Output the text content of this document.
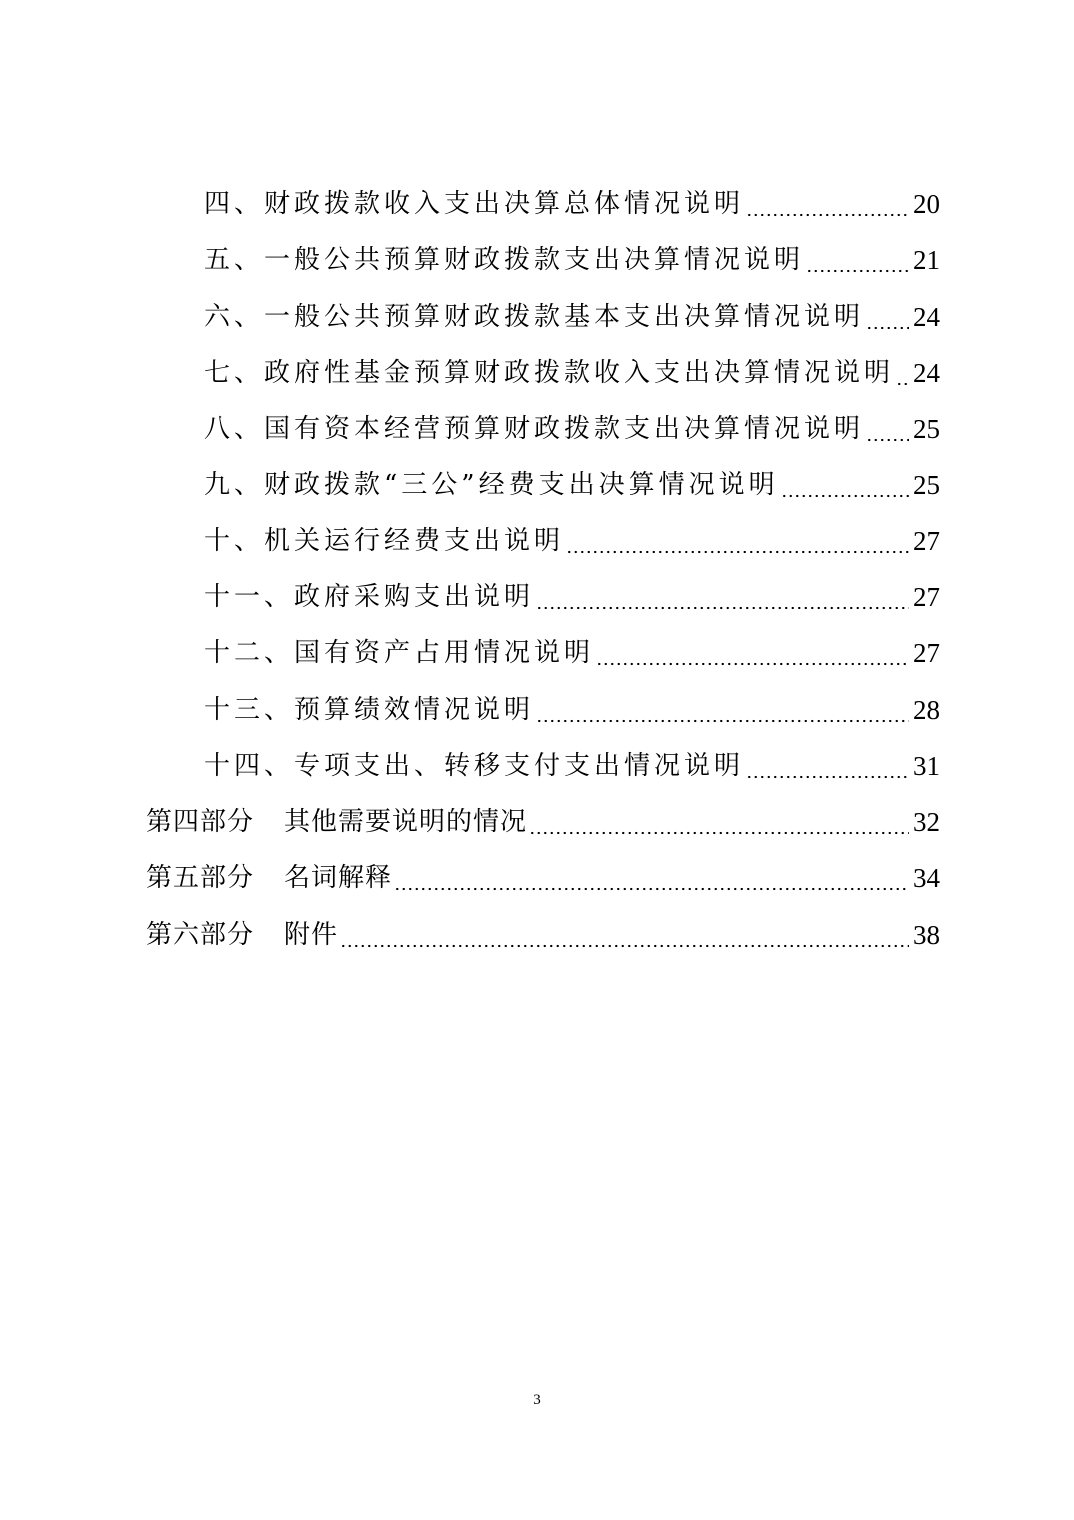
四、财政拨款收入支出决算总体情况说明	20
五、一般公共预算财政拨款支出决算情况说明	21
六、一般公共预算财政拨款基本支出决算情况说明 24
七、政府性基金预算财政拨款收入支出决算情况说明 24
八、国有资本经营预算财政拨款支出决算情况说明 25
九、财政拨款“三公”经费支出决算情况说明	25
十、机关运行经费支出说明	27
十一、政府采购支出说明	27
十二、国有资产占用情况说明	27
十三、预算绩效情况说明	28
十四、专项支出、转移支付支出情况说明	31
第四部分 其他需要说明的情况	32
第五部分 名词解释	34
第六部分 附件	38
3
